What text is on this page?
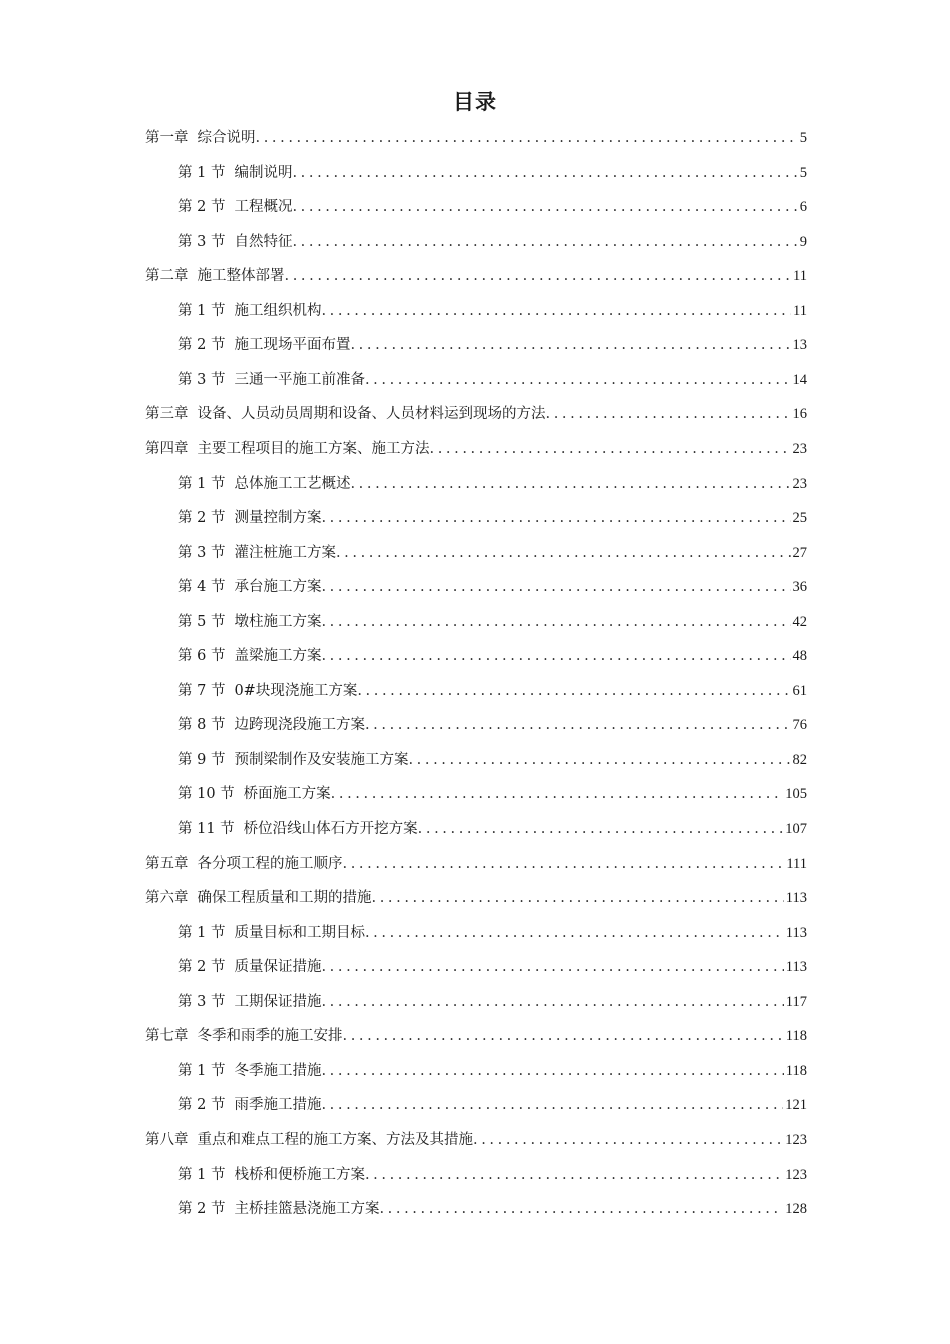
目录
第一章 综合说明 .....	5
第 1 节 编制说明 .....	5
第 2 节 工程概况 .....	6
第 3 节 自然特征 .....	9
第二章 施工整体部署 .....	11
第 1 节 施工组织机构 .....	11
第 2 节 施工现场平面布置 .....	13
第 3 节 三通一平施工前准备 .....	14
第三章 设备、人员动员周期和设备、人员材料运到现场的方法 .....	16
第四章 主要工程项目的施工方案、施工方法 .....	23
第 1 节 总体施工工艺概述 .....	23
第 2 节 测量控制方案 .....	25
第 3 节 灌注桩施工方案 .....	27
第 4 节 承台施工方案 .....	36
第 5 节 墩柱施工方案 .....	42
第 6 节 盖梁施工方案 .....	48
第 7 节 0#块现浇施工方案 .....	61
第 8 节 边跨现浇段施工方案 .....	76
第 9 节 预制梁制作及安装施工方案 .....	82
第 10 节 桥面施工方案 .....	105
第 11 节 桥位沿线山体石方开挖方案 .....	107
第五章 各分项工程的施工顺序 .....	111
第六章 确保工程质量和工期的措施 .....	113
第 1 节 质量目标和工期目标 .....	113
第 2 节 质量保证措施 .....	113
第 3 节 工期保证措施 .....	117
第七章 冬季和雨季的施工安排 .....	118
第 1 节 冬季施工措施 .....	118
第 2 节 雨季施工措施 .....	121
第八章 重点和难点工程的施工方案、方法及其措施 .....	123
第 1 节 栈桥和便桥施工方案 .....	123
第 2 节 主桥挂篮悬浇施工方案 .....	128
